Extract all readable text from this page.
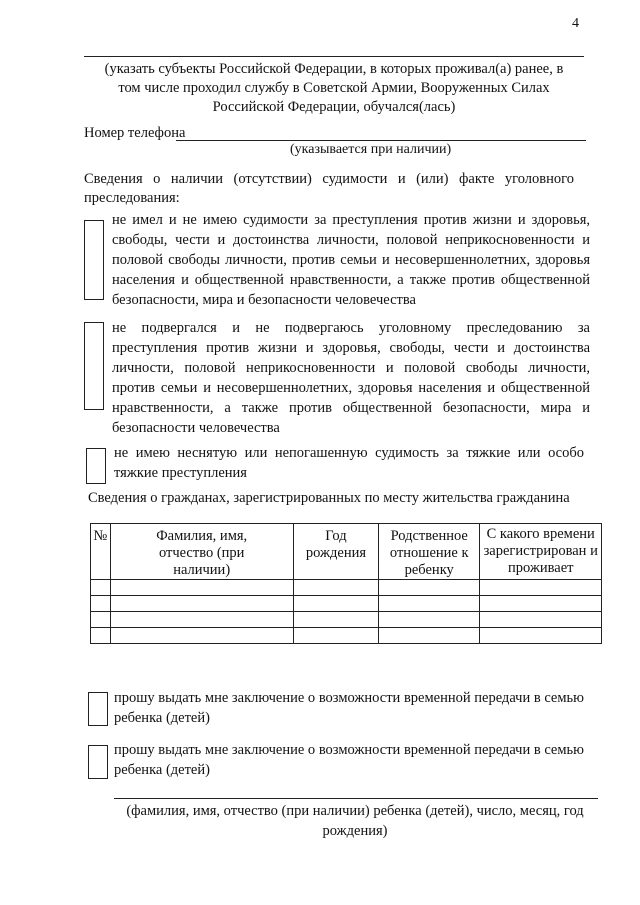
4
(указать субъекты Российской Федерации, в которых проживал(а) ранее, в том числе проходил службу в Советской Армии, Вооруженных Силах Российской Федерации, обучался(лась)
Номер телефона
(указывается при наличии)
Сведения о наличии (отсутствии) судимости и (или) факте уголовного преследования:
не имел и не имею судимости за преступления против жизни и здоровья, свободы, чести и достоинства личности, половой неприкосновенности и половой свободы личности, против семьи и несовершеннолетних, здоровья населения и общественной нравственности, а также против общественной безопасности, мира и безопасности человечества
не подвергался и не подвергаюсь уголовному преследованию за преступления против жизни и здоровья, свободы, чести и достоинства личности, половой неприкосновенности и половой свободы личности, против семьи и несовершеннолетних, здоровья населения и общественной нравственности, а также против общественной безопасности, мира и безопасности человечества
не имею неснятую или непогашенную судимость за тяжкие или особо тяжкие преступления
Сведения о гражданах, зарегистрированных по месту жительства гражданина
№	Фамилия, имя, отчество (при наличии)	Год рождения	Родственное отношение к ребенку	С какого времени зарегистрирован и проживает

прошу выдать мне заключение о возможности временной передачи в семью ребенка (детей)
прошу выдать мне заключение о возможности временной передачи в семью ребенка (детей)
(фамилия, имя, отчество (при наличии) ребенка (детей), число, месяц, год рождения)
